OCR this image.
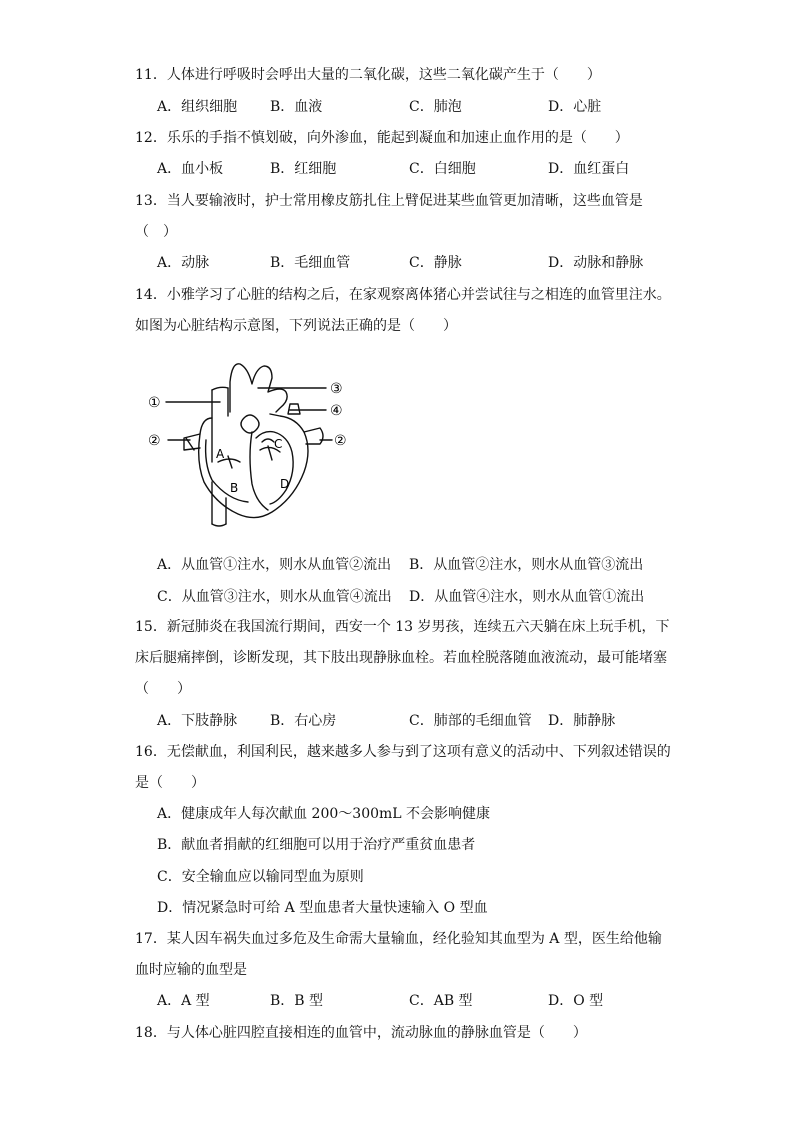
11．人体进行呼吸时会呼出大量的二氧化碳，这些二氧化碳产生于（　　）
A．组织细胞 B．血液	C．肺泡	D．心脏
12．乐乐的手指不慎划破，向外渗血，能起到凝血和加速止血作用的是（　　）
A．血小板	B．红细胞	C．白细胞	D．血红蛋白
13．当人要输液时，护士常用橡皮筋扎住上臂促进某些血管更加清晰，这些血管是
（　）
A．动脉	B．毛细血管	C．静脉	D．动脉和静脉
14．小雅学习了心脏的结构之后，在家观察离体猪心并尝试往与之相连的血管里注水。
如图为心脏结构示意图，下列说法正确的是（　　）
①
②
③
④
②
A
B
C
D
A．从血管①注水，则水从血管②流出 B．从血管②注水，则水从血管③流出
C．从血管③注水，则水从血管④流出 D．从血管④注水，则水从血管①流出
15．新冠肺炎在我国流行期间，西安一个 13 岁男孩，连续五六天躺在床上玩手机，下
床后腿痛摔倒，诊断发现，其下肢出现静脉血栓。若血栓脱落随血液流动，最可能堵塞
（　　）
A．下肢静脉 B．右心房	C．肺部的毛细血管 D．肺静脉
16．无偿献血，利国利民，越来越多人参与到了这项有意义的活动中、下列叙述错误的
是（　　）
A．健康成年人每次献血 200～300mL 不会影响健康
B．献血者捐献的红细胞可以用于治疗严重贫血患者
C．安全输血应以输同型血为原则
D．情况紧急时可给 A 型血患者大量快速输入 O 型血
17．某人因车祸失血过多危及生命需大量输血，经化验知其血型为 A 型，医生给他输
血时应输的血型是
A．A 型	B．B 型	C．AB 型	D．O 型
18．与人体心脏四腔直接相连的血管中，流动脉血的静脉血管是（　　）
